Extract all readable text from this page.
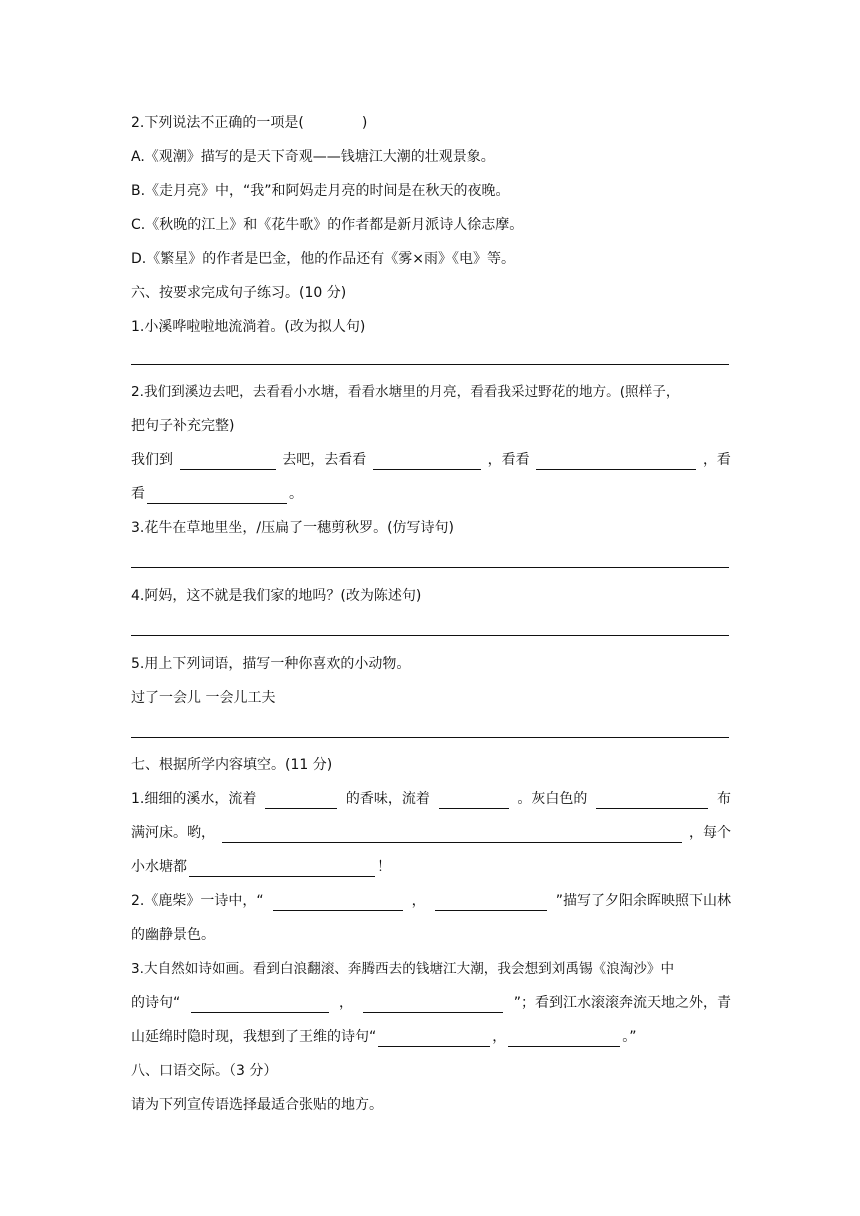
2.下列说法不正确的一项是(	)
A.《观潮》描写的是天下奇观——钱塘江大潮的壮观景象。
B.《走月亮》中，“我”和阿妈走月亮的时间是在秋天的夜晚。
C.《秋晚的江上》和《花牛歌》的作者都是新月派诗人徐志摩。
D.《繁星》的作者是巴金，他的作品还有《雾×雨》《电》等。
六、按要求完成句子练习。(10 分)
1.小溪哗啦啦地流淌着。(改为拟人句)
2.我们到溪边去吧，去看看小水塘，看看水塘里的月亮，看看我采过野花的地方。(照样子，
把句子补充完整)
我们到	去吧，去看看	，看看	，看
看	。
3.花牛在草地里坐，/压扁了一穗剪秋罗。(仿写诗句)
4.阿妈，这不就是我们家的地吗？(改为陈述句)
5.用上下列词语，描写一种你喜欢的小动物。
过了一会儿 一会儿工夫
七、根据所学内容填空。(11 分)
1.细细的溪水，流着	的香味，流着	。灰白色的	布
满河床。哟，	，每个
小水塘都	！
2.《鹿柴》一诗中，“	，	”描写了夕阳余晖映照下山林
的幽静景色。
3.大自然如诗如画。看到白浪翻滚、奔腾西去的钱塘江大潮，我会想到刘禹锡《浪淘沙》中
的诗句“	，	”；看到江水滚滚奔流天地之外，青
山延绵时隐时现，我想到了王维的诗句“	，	。”
八、口语交际。（3 分）
请为下列宣传语选择最适合张贴的地方。
